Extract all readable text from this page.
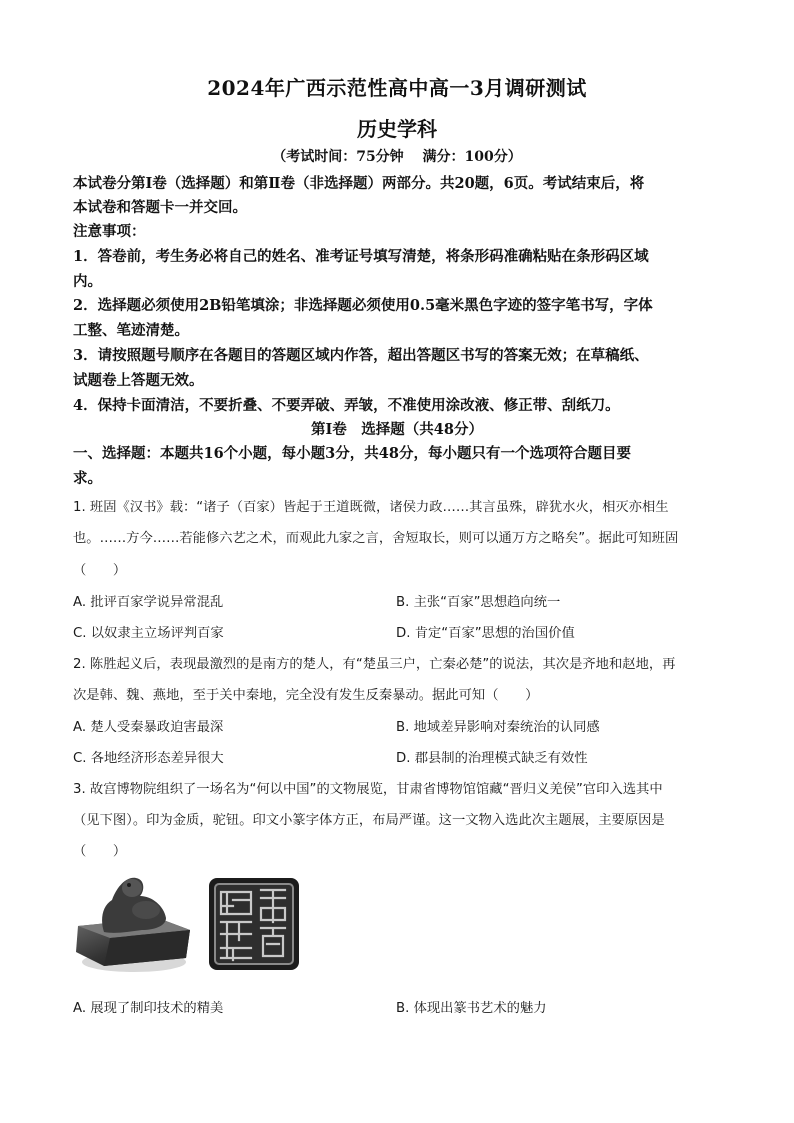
2024年广西示范性高中高一3月调研测试
历史学科
（考试时间：75分钟　 满分：100分）
本试卷分第Ⅰ卷（选择题）和第Ⅱ卷（非选择题）两部分。共20题，6页。考试结束后，将
本试卷和答题卡一并交回。
注意事项：
1．答卷前，考生务必将自己的姓名、准考证号填写清楚，将条形码准确粘贴在条形码区域
内。
2．选择题必须使用2B铅笔填涂；非选择题必须使用0.5毫米黑色字迹的签字笔书写，字体
工整、笔迹清楚。
3．请按照题号顺序在各题目的答题区域内作答，超出答题区书写的答案无效；在草稿纸、
试题卷上答题无效。
4．保持卡面清洁，不要折叠、不要弄破、弄皱，不准使用涂改液、修正带、刮纸刀。
第Ⅰ卷　选择题（共48分）
一、选择题：本题共16个小题，每小题3分，共48分，每小题只有一个选项符合题目要
求。
1. 班固《汉书》载：“诸子（百家）皆起于王道既微，诸侯力政……其言虽殊，辟犹水火，相灭亦相生
也。……方今……若能修六艺之术，而观此九家之言，舍短取长，则可以通万方之略矣”。据此可知班固
（　　）
A. 批评百家学说异常混乱	B. 主张“百家”思想趋向统一
C. 以奴隶主立场评判百家	D. 肯定“百家”思想的治国价值
2. 陈胜起义后，表现最激烈的是南方的楚人，有“楚虽三户，亡秦必楚”的说法，其次是齐地和赵地，再
次是韩、魏、燕地，至于关中秦地，完全没有发生反秦暴动。据此可知（　　）
A. 楚人受秦暴政迫害最深	B. 地域差异影响对秦统治的认同感
C. 各地经济形态差异很大	D. 郡县制的治理模式缺乏有效性
3. 故宫博物院组织了一场名为“何以中国”的文物展览，甘肃省博物馆馆藏“晋归义羌侯”官印入选其中
（见下图）。印为金质，驼钮。印文小篆字体方正，布局严谨。这一文物入选此次主题展，主要原因是
（　　）
A. 展现了制印技术的精美	B. 体现出篆书艺术的魅力
